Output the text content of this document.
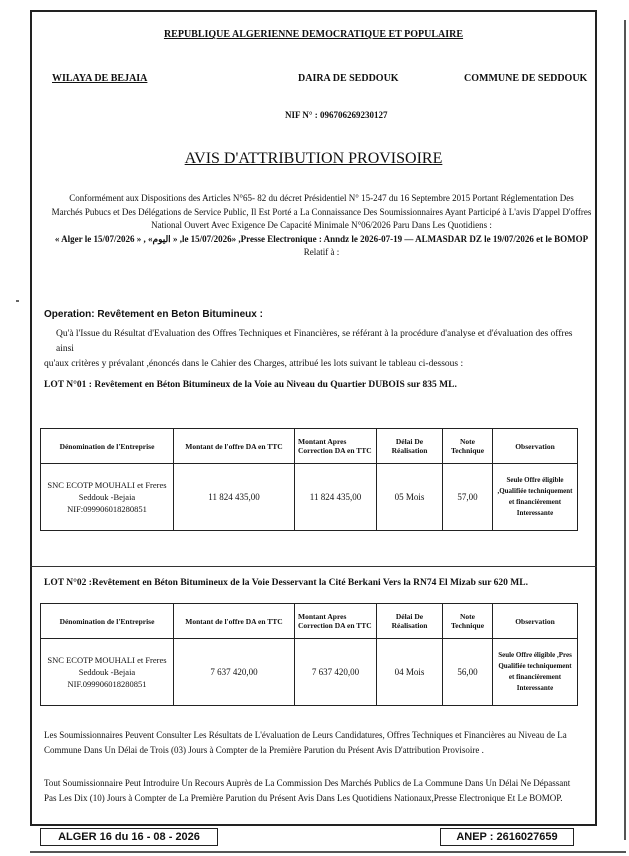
REPUBLIQUE ALGERIENNE DEMOCRATIQUE ET POPULAIRE
WILAYA DE BEJAIA	DAIRA DE SEDDOUK	COMMUNE DE SEDDOUK
NIF N° : 096706269230127
AVIS D'ATTRIBUTION PROVISOIRE
Conformément aux Dispositions des Articles N°65- 82 du décret Présidentiel N° 15-247 du 16 Septembre 2015 Portant Réglementation Des
Marchés Pubucs et Des Délégations de Service Public, Il Est Porté a La Connaissance Des Soumissionnaires Ayant Participé à L'avis D'appel D'offres
National Ouvert Avec Exigence De Capacité Minimale N°06/2026 Paru Dans Les Quotidiens :
« Alger le 15/07/2026 » , «اليوم » ,le 15/07/2026» ,Presse Electronique : Anndz le 2026-07-19 — ALMASDAR DZ le 19/07/2026 et le BOMOP
Relatif à :
Operation: Revêtement en Beton Bitumineux :
Qu'à l'Issue du Résultat d'Evaluation des Offres Techniques et Financières, se référant à la procédure d'analyse et d'évaluation des offres ainsi
qu'aux critères y prévalant ,énoncés dans le Cahier des Charges, attribué les lots suivant le tableau ci-dessous :
LOT N°01 : Revêtement en Béton Bitumineux de la Voie au Niveau du Quartier DUBOIS sur 835 ML.
Dénomination de l'Entreprise	Montant de l'offre DA en TTC	Montant Apres Correction DA en TTC	Délai De Réalisation	Note Technique	Observation

SNC ECOTP MOUHALI et Freres
Seddouk -Bejaia
NIF:099906018280851	11 824 435,00	11 824 435,00	05 Mois	57,00	Seule Offre éligible ,Qualifiée techniquement et financièrement Interessante
LOT N°02 :Revêtement en Béton Bitumineux de la Voie Desservant la Cité Berkani Vers la RN74 El Mizab sur 620 ML.
Dénomination de l'Entreprise	Montant de l'offre DA en TTC	Montant Apres Correction DA en TTC	Délai De Réalisation	Note Technique	Observation

SNC ECOTP MOUHALI et Freres
Seddouk -Bejaia
NIF.099906018280851	7 637 420,00	7 637 420,00	04 Mois	56,00	Seule Offre éligible ,Pres Qualifiée techniquement et financièrement Interessante
Les Soumissionnaires Peuvent Consulter Les Résultats de L'évaluation de Leurs Candidatures, Offres Techniques et Financières au Niveau de La
Commune Dans Un Délai de Trois (03) Jours à Compter de la Première Parution du Présent Avis D'attribution Provisoire .
Tout Soumissionnaire Peut Introduire Un Recours Auprès de La Commission Des Marchés Publics de La Commune Dans Un Délai Ne Dépassant
Pas Les Dix (10) Jours à Compter de La Première Parution du Présent Avis Dans Les Quotidiens Nationaux,Presse Electronique Et Le BOMOP.
ALGER 16 du 16 - 08 - 2026	ANEP : 2616027659
